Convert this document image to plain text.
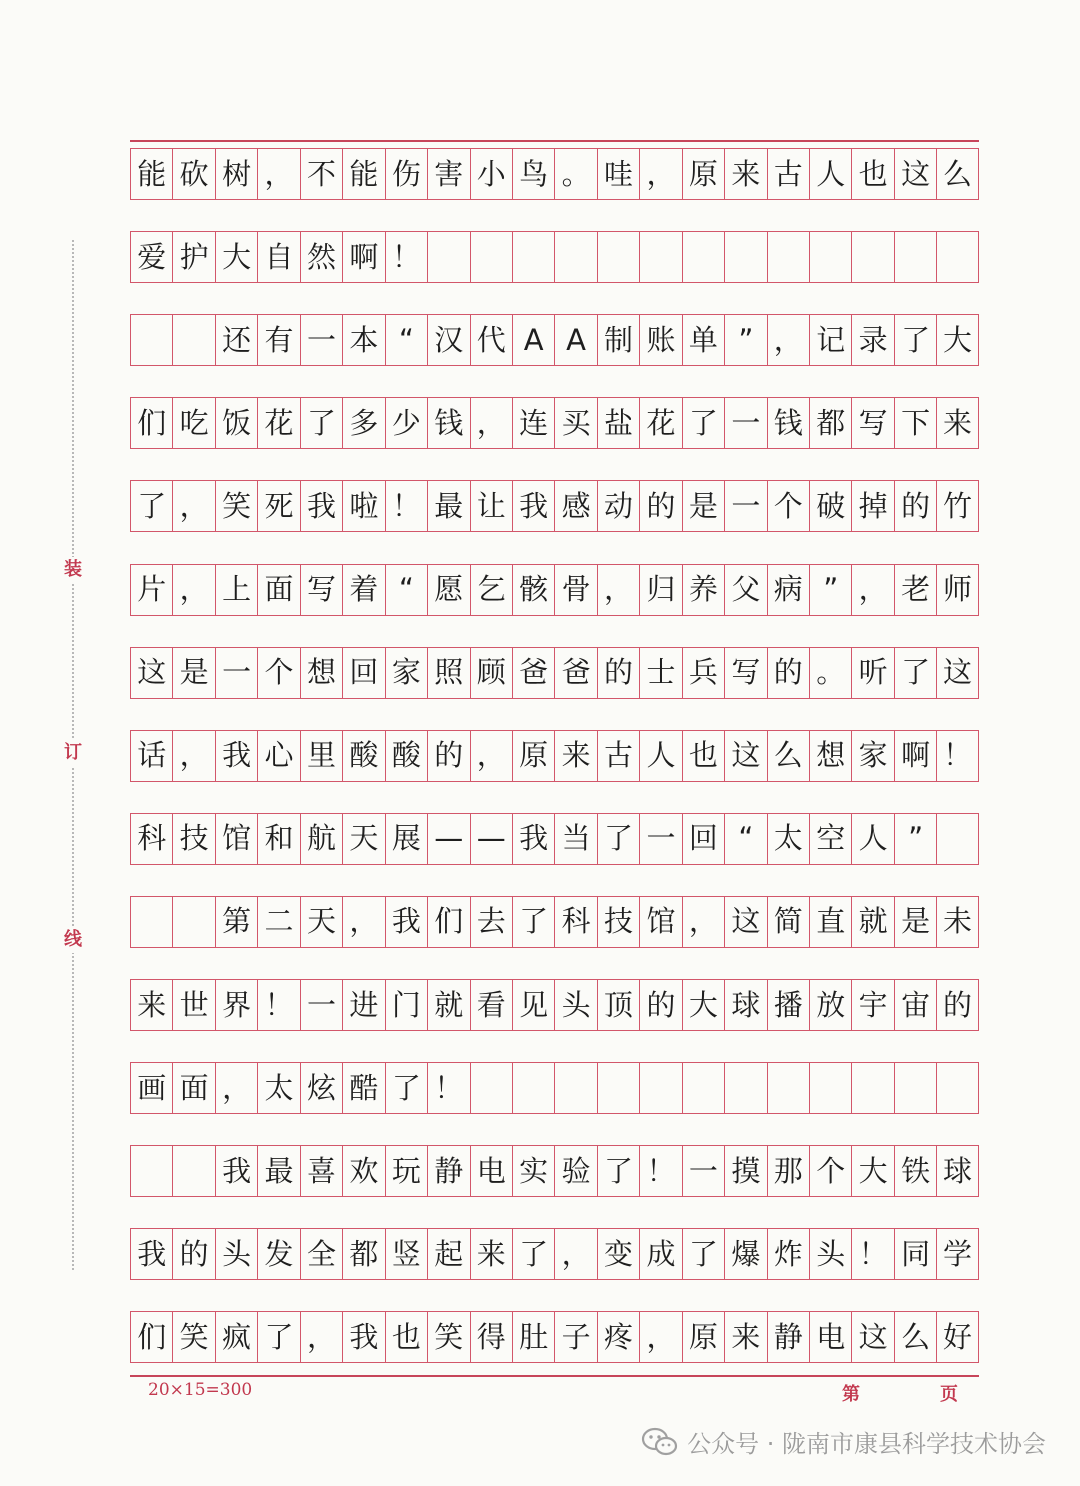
装
订
线
能 砍 树 ， 不 能 伤 害 小 鸟 。 哇 ， 原 来 古 人 也 这 么
爱 护 大 自 然 啊 ！
还 有 一 本 “ 汉 代 A A 制 账 单 ” ， 记 录 了 大
们 吃 饭 花 了 多 少 钱 ， 连 买 盐 花 了 一 钱 都 写 下 来
了 ， 笑 死 我 啦 ！ 最 让 我 感 动 的 是 一 个 破 掉 的 竹
片 ， 上 面 写 着 “ 愿 乞 骸 骨 ， 归 养 父 病 ” ， 老 师
这 是 一 个 想 回 家 照 顾 爸 爸 的 士 兵 写 的 。 听 了 这
话 ， 我 心 里 酸 酸 的 ， 原 来 古 人 也 这 么 想 家 啊 ！
科 技 馆 和 航 天 展 — — 我 当 了 一 回 “ 太 空 人 ”
第 二 天 ， 我 们 去 了 科 技 馆 ， 这 简 直 就 是 未
来 世 界 ！ 一 进 门 就 看 见 头 顶 的 大 球 播 放 宇 宙 的
画 面 ， 太 炫 酷 了 ！
我 最 喜 欢 玩 静 电 实 验 了 ！ 一 摸 那 个 大 铁 球
我 的 头 发 全 都 竖 起 来 了 ， 变 成 了 爆 炸 头 ！ 同 学
们 笑 疯 了 ， 我 也 笑 得 肚 子 疼 ， 原 来 静 电 这 么 好
20×15=300	第	页
公众号 · 陇南市康县科学技术协会
